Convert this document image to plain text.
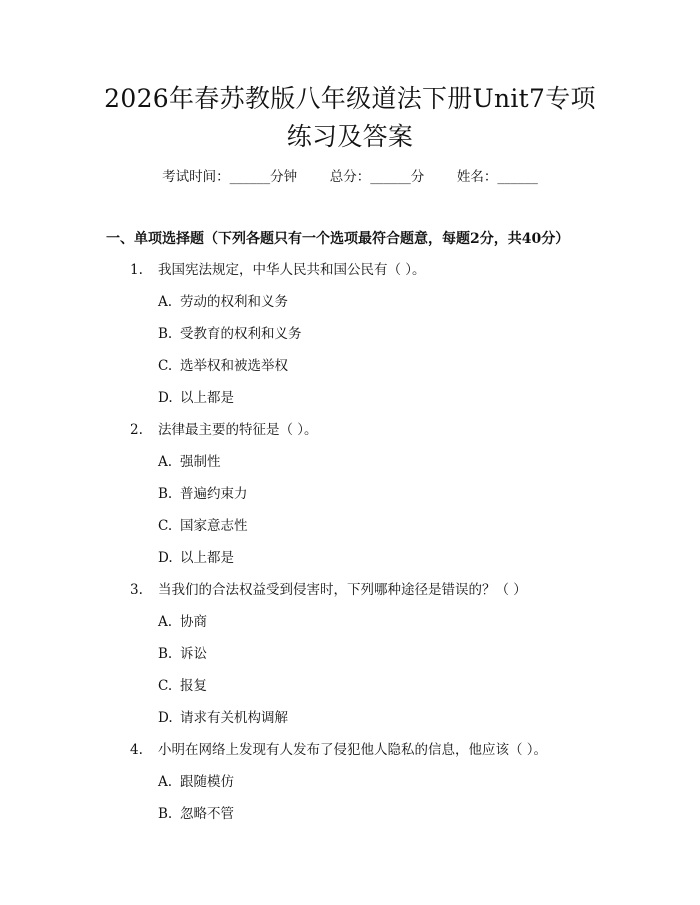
2026年春苏教版八年级道法下册Unit7专项
练习及答案
考试时间：______分钟 总分：______分 姓名：______
一、单项选择题（下列各题只有一个选项最符合题意，每题2分，共40分）
1. 我国宪法规定，中华人民共和国公民有（ ）。
A. 劳动的权利和义务
B. 受教育的权利和义务
C. 选举权和被选举权
D. 以上都是
2. 法律最主要的特征是（ ）。
A. 强制性
B. 普遍约束力
C. 国家意志性
D. 以上都是
3. 当我们的合法权益受到侵害时，下列哪种途径是错误的？（ ）
A. 协商
B. 诉讼
C. 报复
D. 请求有关机构调解
4. 小明在网络上发现有人发布了侵犯他人隐私的信息，他应该（ ）。
A. 跟随模仿
B. 忽略不管
